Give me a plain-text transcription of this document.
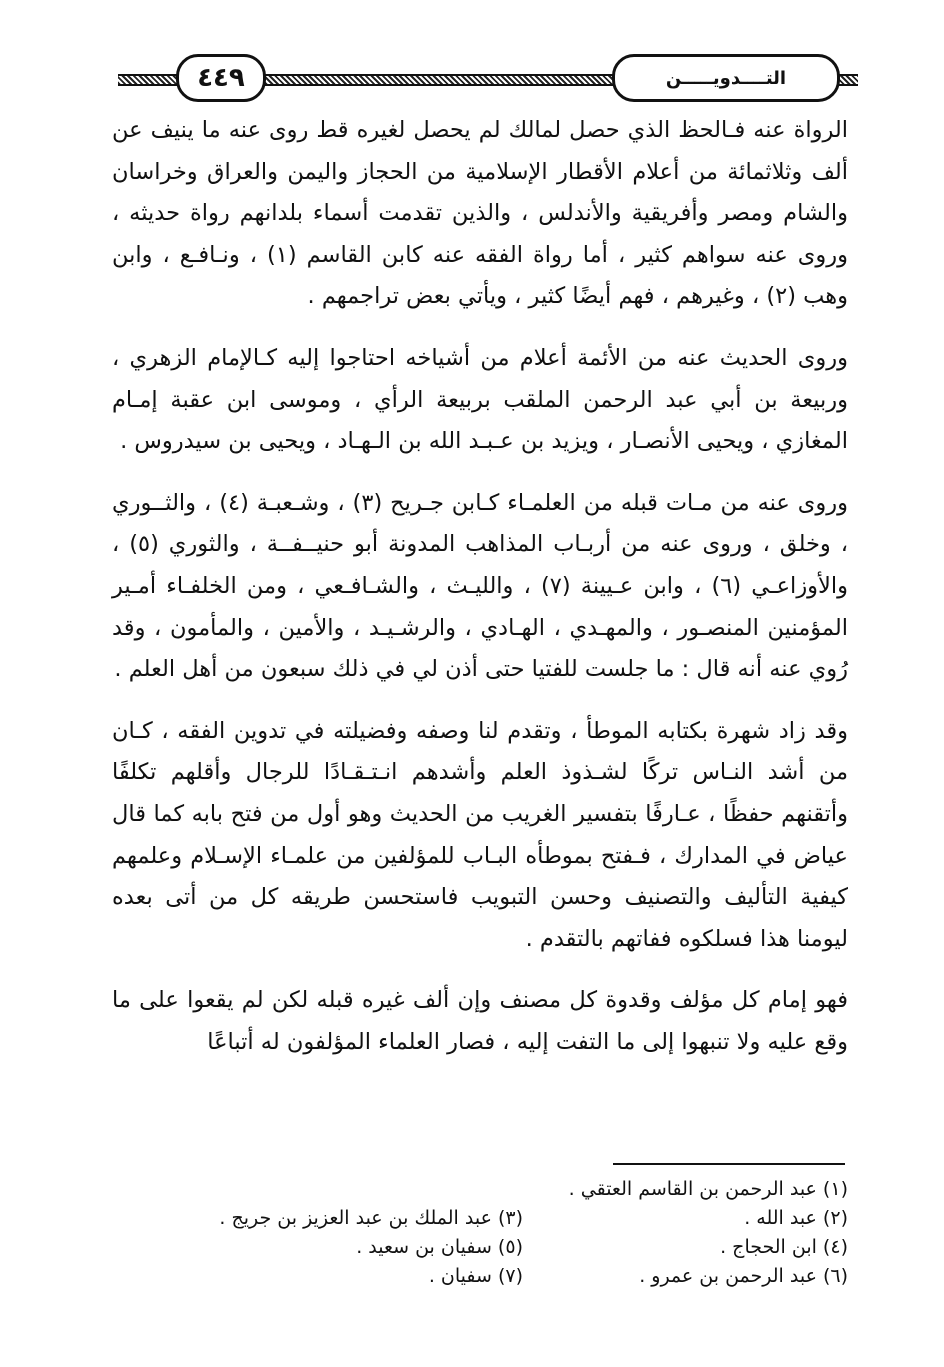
٤٤٩	التــــدويـــــن

الرواة عنه فـالحظ الذي حصل لمالك لم يحصل لغيره قط روى عنه ما ينيف عن ألف وثلاثمائة من أعلام الأقطار الإسلامية من الحجاز واليمن والعراق وخراسان والشام ومصر وأفريقية والأندلس ، والذين تقدمت أسماء بلدانهم رواة حديثه ، وروى عنه سواهم كثير ، أما رواة الفقه عنه كابن القاسم (١) ، ونـافـع ، وابن وهب (٢) ، وغيرهم ، فهم أيضًا كثير ، ويأتي بعض تراجمهم .

وروى الحديث عنه من الأئمة أعلام من أشياخه احتاجوا إليه كـالإمام الزهري ، وربيعة بن أبي عبد الرحمن الملقب بربيعة الرأي ، وموسى ابن عقبة إمـام المغازي ، ويحيى الأنصـار ، ويزيد بن عـبـد الله بن الـهـاد ، ويحيى بن سيدروس .

وروى عنه من مـات قبله من العلمـاء كـابن جـريح (٣) ، وشـعبـة (٤) ، والثــوري ، وخلق ، وروى عنه من أربـاب المذاهب المدونة أبو حنيــفــة ، والثوري (٥) ، والأوزاعـي (٦) ، وابن عـيينة (٧) ، والليـث ، والشـافـعي ، ومن الخلفـاء أمـير المؤمنين المنصـور ، والمهـدي ، الهـادي ، والرشـيـد ، والأمين ، والمأمون ، وقد رُوي عنه أنه قال : ما جلست للفتيا حتى أذن لي في ذلك سبعون من أهل العلم .

وقد زاد شهرة بكتابه الموطأ ، وتقدم لنا وصفه وفضيلته في تدوين الفقه ، كـان من أشد النـاس تركًا لشـذوذ العلم وأشدهم انـتـقـادًا للرجال وأقلهم تكلفًا وأتقنهم حفظًا ، عـارفًا بتفسير الغريب من الحديث وهو أول من فتح بابه كما قال عياض في المدارك ، فـفتح بموطأه البـاب للمؤلفين من علمـاء الإسـلام وعلمهم كيفية التأليف والتصنيف وحسن التبويب فاستحسن طريقه كل من أتى بعده ليومنا هذا فسلكوه ففاتهم بالتقدم .

فهو إمام كل مؤلف وقدوة كل مصنف وإن ألف غيره قبله لكن لم يقعوا على ما وقع عليه ولا تنبهوا إلى ما التفت إليه ، فصار العلماء المؤلفون له أتباعًا

(١) عبد الرحمن بن القاسم العتقي .
(٢) عبد الله .
(٣) عبد الملك بن عبد العزيز بن جريج .
(٤) ابن الحجاج .
(٥) سفيان بن سعيد .
(٦) عبد الرحمن بن عمرو .
(٧) سفيان .
